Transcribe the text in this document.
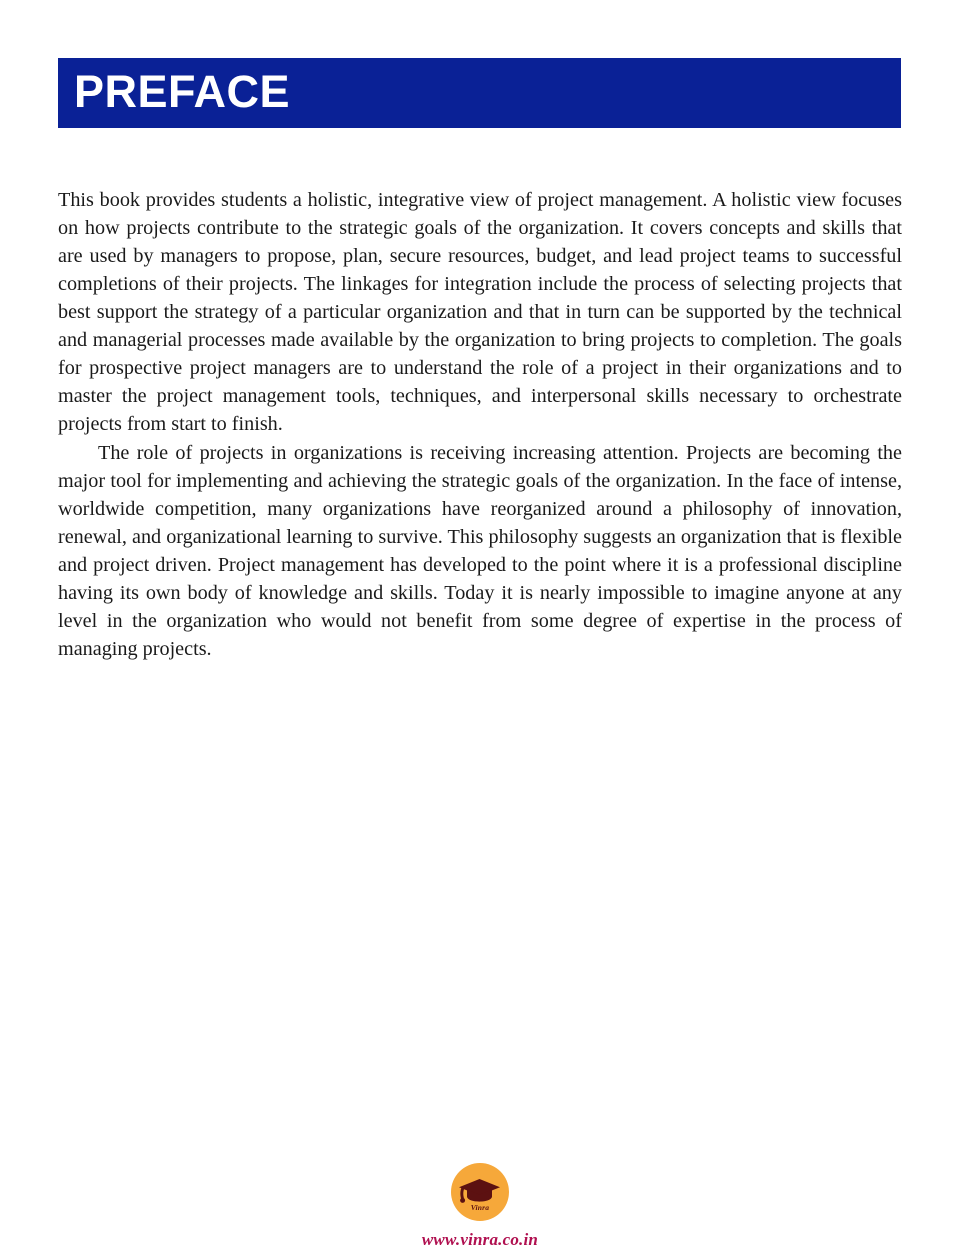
PREFACE

This book provides students a holistic, integrative view of project management. A holistic view focuses on how projects contribute to the strategic goals of the organization. It covers concepts and skills that are used by managers to propose, plan, secure resources, budget, and lead project teams to successful completions of their projects. The linkages for integration include the process of selecting projects that best support the strategy of a particular organization and that in turn can be supported by the technical and managerial processes made available by the organization to bring projects to completion. The goals for prospective project managers are to understand the role of a project in their organizations and to master the project management tools, techniques, and interpersonal skills necessary to orchestrate projects from start to finish.

The role of projects in organizations is receiving increasing attention. Projects are becoming the major tool for implementing and achieving the strategic goals of the organization. In the face of intense, worldwide competition, many organizations have reorganized around a philosophy of innovation, renewal, and organizational learning to survive. This philosophy suggests an organization that is flexible and project driven. Project management has developed to the point where it is a professional discipline having its own body of knowledge and skills. Today it is nearly impossible to imagine anyone at any level in the organization who would not benefit from some degree of expertise in the process of managing projects.

Vinra
www.vinra.co.in
